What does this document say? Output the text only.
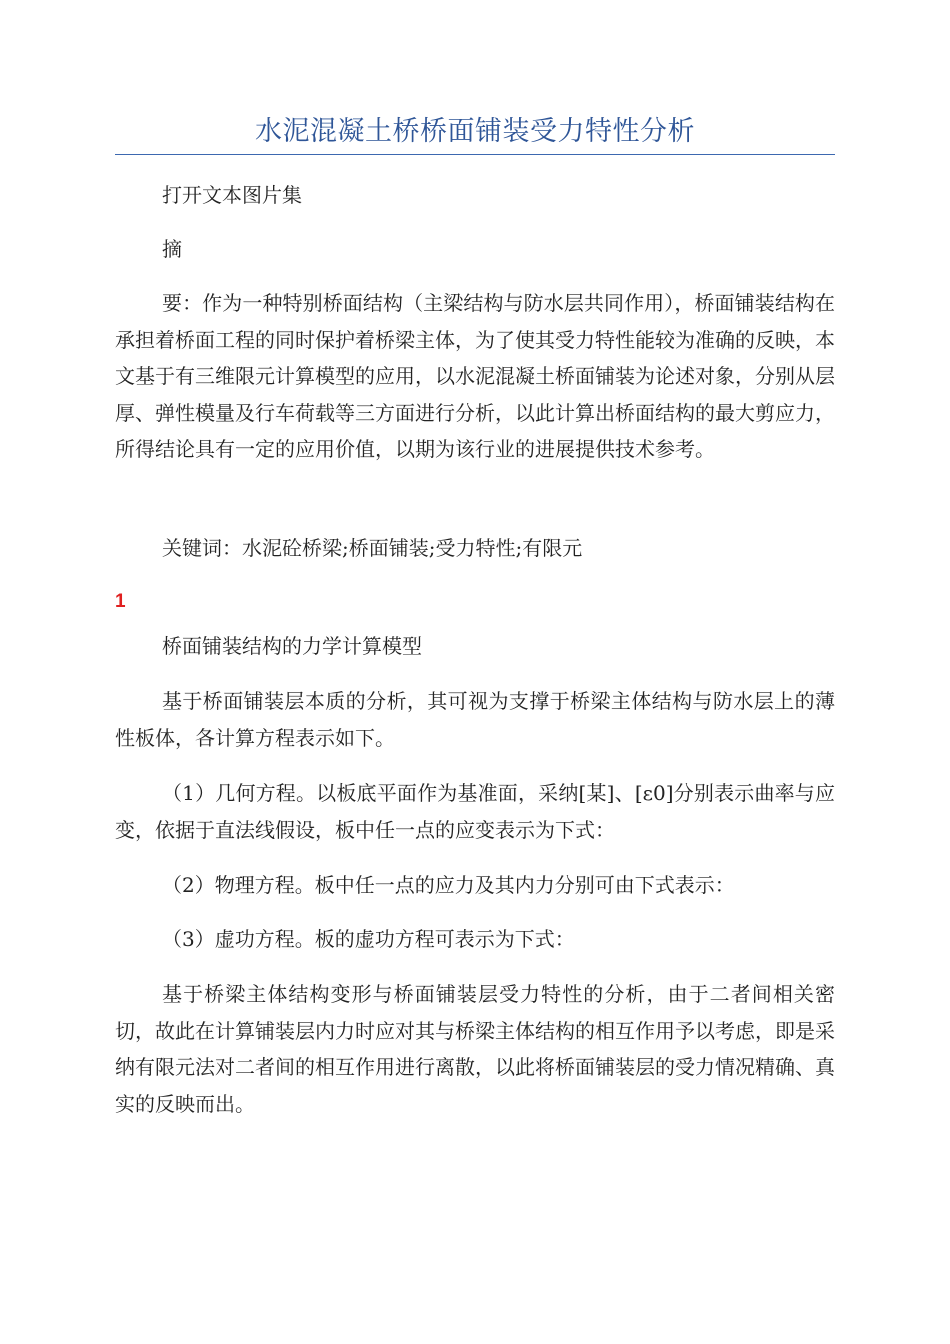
水泥混凝土桥桥面铺装受力特性分析

打开文本图片集

摘

要：作为一种特别桥面结构（主梁结构与防水层共同作用），桥面铺装结构在承担着桥面工程的同时保护着桥梁主体，为了使其受力特性能较为准确的反映，本文基于有三维限元计算模型的应用，以水泥混凝土桥面铺装为论述对象，分别从层厚、弹性模量及行车荷载等三方面进行分析，以此计算出桥面结构的最大剪应力，所得结论具有一定的应用价值，以期为该行业的进展提供技术参考。

关键词：水泥砼桥梁;桥面铺装;受力特性;有限元

1

桥面铺装结构的力学计算模型

基于桥面铺装层本质的分析，其可视为支撑于桥梁主体结构与防水层上的薄性板体，各计算方程表示如下。

（1）几何方程。以板底平面作为基准面，采纳[某]、[ε0]分别表示曲率与应变，依据于直法线假设，板中任一点的应变表示为下式：

（2）物理方程。板中任一点的应力及其内力分别可由下式表示：

（3）虚功方程。板的虚功方程可表示为下式：

基于桥梁主体结构变形与桥面铺装层受力特性的分析，由于二者间相关密切，故此在计算铺装层内力时应对其与桥梁主体结构的相互作用予以考虑，即是采纳有限元法对二者间的相互作用进行离散，以此将桥面铺装层的受力情况精确、真实的反映而出。
